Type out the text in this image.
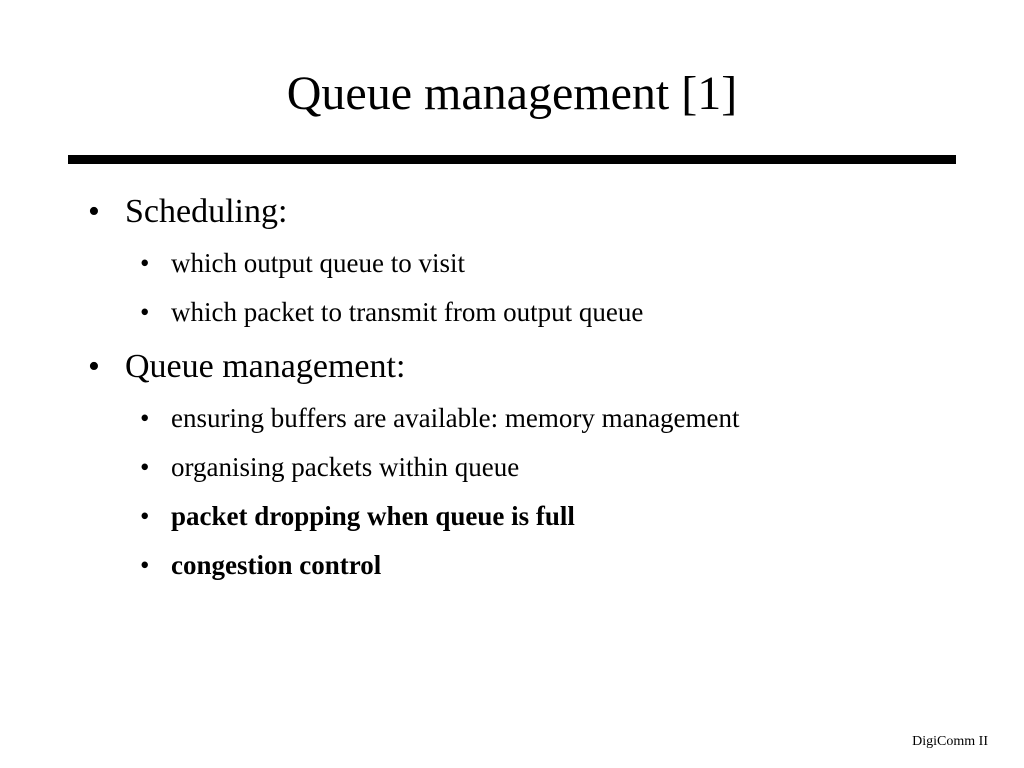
Queue management [1]
• Scheduling:
• which output queue to visit
• which packet to transmit from output queue
• Queue management:
• ensuring buffers are available: memory management
• organising packets within queue
• packet dropping when queue is full
• congestion control
DigiComm II
